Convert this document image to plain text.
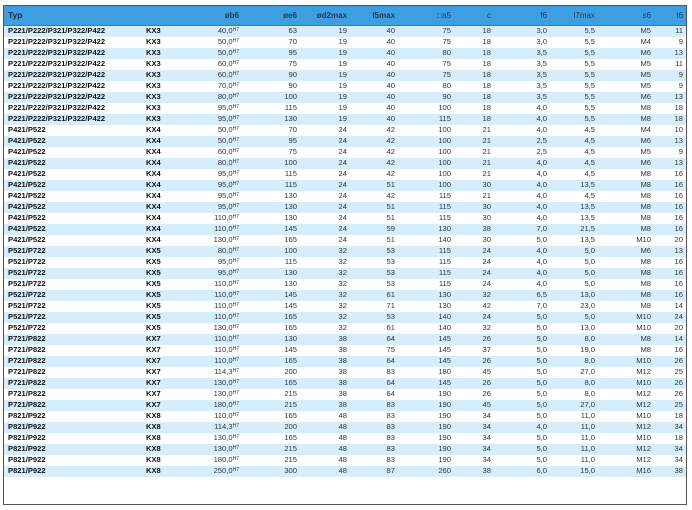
Typ		øb6	øe6	ød2max	l5max	□a5	c	f6	l7max	s6	t6
P221/P222/P321/P322/P422	KX3	$40,0^{H7}$	63	19	40	75	18	3,0	5,5	M5	11
P221/P222/P321/P322/P422	KX3	$50,0^{H7}$	70	19	40	75	18	3,0	5,5	M4	9
P221/P222/P321/P322/P422	KX3	$50,0^{H7}$	95	19	40	80	18	3,5	5,5	M6	13
P221/P222/P321/P322/P422	KX3	$60,0^{H7}$	75	19	40	75	18	3,5	5,5	M5	11
P221/P222/P321/P322/P422	KX3	$60,0^{H7}$	90	19	40	75	18	3,5	5,5	M5	9
P221/P222/P321/P322/P422	KX3	$70,0^{H7}$	90	19	40	80	18	3,5	5,5	M5	9
P221/P222/P321/P322/P422	KX3	$80,0^{H7}$	100	19	40	90	18	3,5	5,5	M6	13
P221/P222/P321/P322/P422	KX3	$95,0^{H7}$	115	19	40	100	18	4,0	5,5	M8	18
P221/P222/P321/P322/P422	KX3	$95,0^{H7}$	130	19	40	115	18	4,0	5,5	M8	18
P421/P522	KX4	$50,0^{H7}$	70	24	42	100	21	4,0	4,5	M4	10
P421/P522	KX4	$50,0^{H7}$	95	24	42	100	21	2,5	4,5	M6	13
P421/P522	KX4	$60,0^{H7}$	75	24	42	100	21	2,5	4,5	M5	9
P421/P522	KX4	$80,0^{H7}$	100	24	42	100	21	4,0	4,5	M6	13
P421/P522	KX4	$95,0^{H7}$	115	24	42	100	21	4,0	4,5	M8	16
P421/P522	KX4	$95,0^{H7}$	115	24	51	100	30	4,0	13,5	M8	16
P421/P522	KX4	$95,0^{H7}$	130	24	42	115	21	4,0	4,5	M8	16
P421/P522	KX4	$95,0^{H7}$	130	24	51	115	30	4,0	13,5	M8	16
P421/P522	KX4	$110,0^{H7}$	130	24	51	115	30	4,0	13,5	M8	16
P421/P522	KX4	$110,0^{H7}$	145	24	59	130	38	7,0	21,5	M8	16
P421/P522	KX4	$130,0^{H7}$	165	24	51	140	30	5,0	13,5	M10	20
P521/P722	KX5	$80,0^{H7}$	100	32	53	115	24	4,0	5,0	M6	13
P521/P722	KX5	$95,0^{H7}$	115	32	53	115	24	4,0	5,0	M8	16
P521/P722	KX5	$95,0^{H7}$	130	32	53	115	24	4,0	5,0	M8	16
P521/P722	KX5	$110,0^{H7}$	130	32	53	115	24	4,0	5,0	M8	16
P521/P722	KX5	$110,0^{H7}$	145	32	61	130	32	6,5	13,0	M8	16
P521/P722	KX5	$110,0^{H7}$	145	32	71	130	42	7,0	23,0	M8	14
P521/P722	KX5	$110,0^{H7}$	165	32	53	140	24	5,0	5,0	M10	24
P521/P722	KX5	$130,0^{H7}$	165	32	61	140	32	5,0	13,0	M10	20
P721/P822	KX7	$110,0^{H7}$	130	38	64	145	26	5,0	8,0	M8	14
P721/P822	KX7	$110,0^{H7}$	145	38	75	145	37	5,0	19,0	M8	16
P721/P822	KX7	$110,0^{H7}$	165	38	64	145	26	5,0	8,0	M10	26
P721/P822	KX7	$114,3^{H7}$	200	38	83	180	45	5,0	27,0	M12	25
P721/P822	KX7	$130,0^{H7}$	165	38	64	145	26	5,0	8,0	M10	26
P721/P822	KX7	$130,0^{H7}$	215	38	64	190	26	5,0	8,0	M12	26
P721/P822	KX7	$180,0^{H7}$	215	38	83	190	45	5,0	27,0	M12	25
P821/P922	KX8	$110,0^{H7}$	165	48	83	190	34	5,0	11,0	M10	18
P821/P922	KX8	$114,3^{H7}$	200	48	83	190	34	4,0	11,0	M12	34
P821/P922	KX8	$130,0^{H7}$	165	48	83	190	34	5,0	11,0	M10	18
P821/P922	KX8	$130,0^{H7}$	215	48	83	190	34	5,0	11,0	M12	34
P821/P922	KX8	$180,0^{H7}$	215	48	83	190	34	5,0	11,0	M12	34
P821/P922	KX8	$250,0^{H7}$	300	48	87	260	38	6,0	15,0	M16	38
